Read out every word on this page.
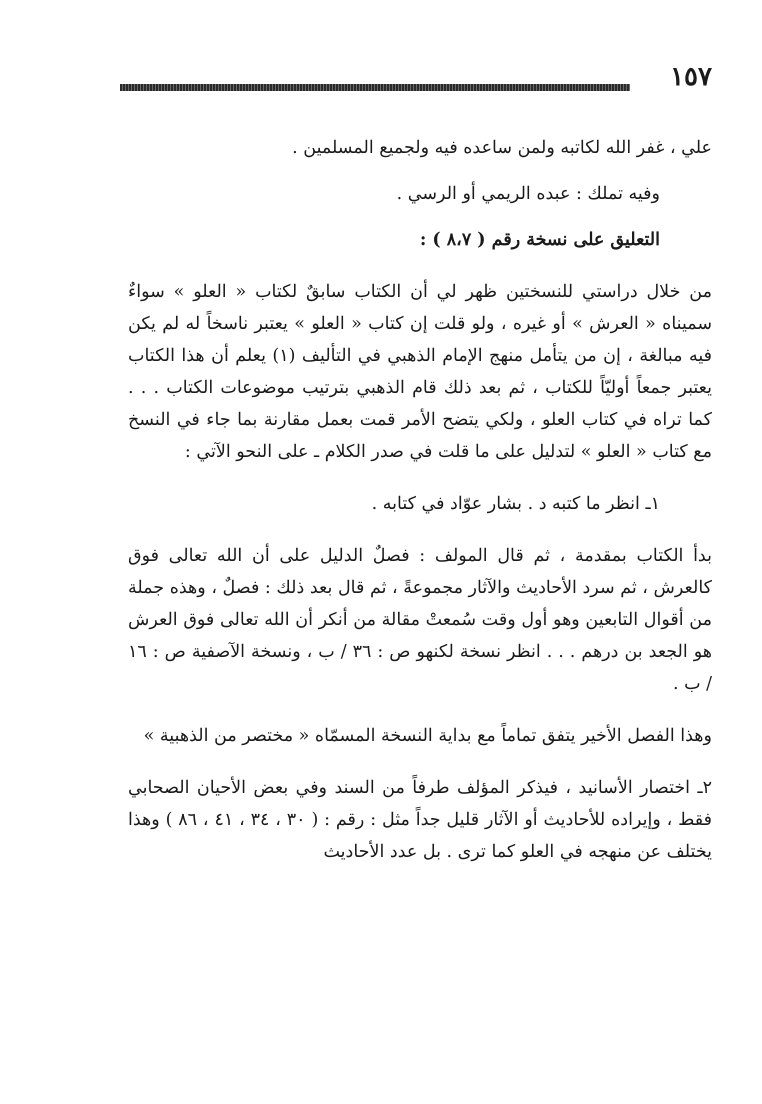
١٥٧

علي ، غفر الله لكاتبه ولمن ساعده فيه ولجميع المسلمين .

وفيه تملك : عبده الريمي أو الرسي .

التعليق على نسخة رقم ( ٨،٧ ) :

من خلال دراستي للنسختين ظهر لي أن الكتاب سابقٌ لكتاب « العلو » سواءٌ سميناه « العرش » أو غيره ، ولو قلت إن كتاب « العلو » يعتبر ناسخاً له لم يكن فيه مبالغة ، إن من يتأمل منهج الإمام الذهبي في التأليف (١) يعلم أن هذا الكتاب يعتبر جمعاً أوليّاً للكتاب ، ثم بعد ذلك قام الذهبي بترتيب موضوعات الكتاب . . . كما تراه في كتاب العلو ، ولكي يتضح الأمر قمت بعمل مقارنة بما جاء في النسخ مع كتاب « العلو » لتدليل على ما قلت في صدر الكلام ـ على النحو الآتي :

١ـ انظر ما كتبه د . بشار عوّاد في كتابه .

بدأ الكتاب بمقدمة ، ثم قال المولف : فصلٌ الدليل على أن الله تعالى فوق كالعرش ، ثم سرد الأحاديث والآثار مجموعةً ، ثم قال بعد ذلك : فصلٌ ، وهذه جملة من أقوال التابعين وهو أول وقت سُمعتْ مقالة من أنكر أن الله تعالى فوق العرش هو الجعد بن درهم . . . انظر نسخة لكنهو ص : ٣٦ / ب ، ونسخة الآصفية ص : ١٦ / ب .

وهذا الفصل الأخير يتفق تماماً مع بداية النسخة المسمّاه « مختصر من الذهبية »

٢ـ اختصار الأسانيد ، فيذكر المؤلف طرفاً من السند وفي بعض الأحيان الصحابي فقط ، وإيراده للأحاديث أو الآثار قليل جداً مثل : رقم : ( ٣٠ ، ٣٤ ، ٤١ ، ٨٦ ) وهذا يختلف عن منهجه في العلو كما ترى . بل عدد الأحاديث
